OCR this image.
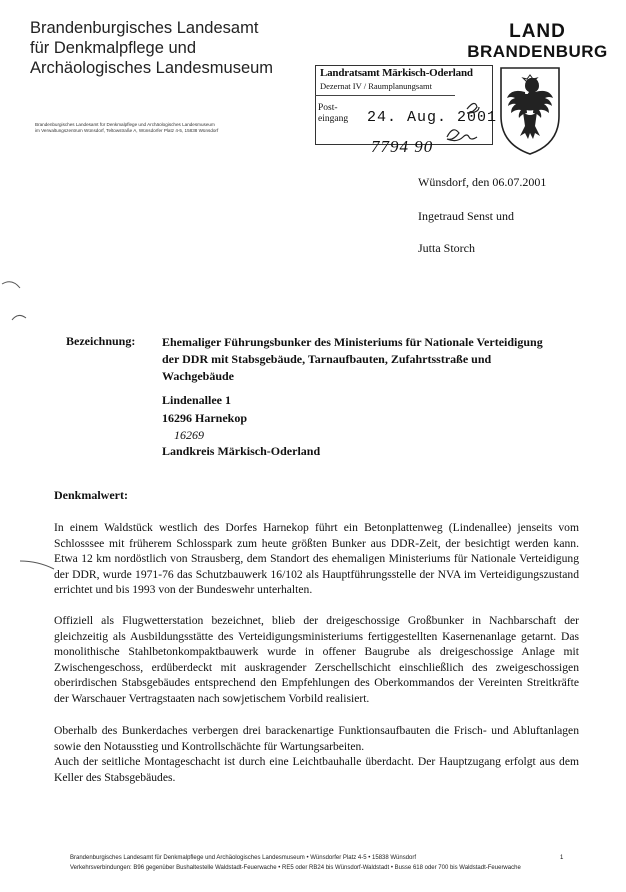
Brandenburgisches Landesamt
für Denkmalpflege und
Archäologisches Landesmuseum
Brandenburgisches Landesamt für Denkmalpflege und Archäologisches Landesmuseum
im Verwaltungszentrum Wünsdorf, Teltowstraße A, Wünsdorfer Platz 4-5, 15838 Wünsdorf
LAND
BRANDENBURG
Landratsamt Märkisch-Oderland
Dezernat IV / Raumplanungsamt
Post-
eingang 24. Aug. 2001
7794 90
Wünsdorf, den 06.07.2001
Ingetraud Senst und
Jutta Storch
Bezeichnung: Ehemaliger Führungsbunker des Ministeriums für Nationale Verteidigung der DDR mit Stabsgebäude, Tarnaufbauten, Zufahrtsstraße und Wachgebäude
Lindenallee 1
16296 Harnekop
16269
Landkreis Märkisch-Oderland
Denkmalwert:
In einem Waldstück westlich des Dorfes Harnekop führt ein Betonplattenweg (Lindenallee) jenseits vom Schlosssee mit früherem Schlosspark zum heute größten Bunker aus DDR-Zeit, der besichtigt werden kann. Etwa 12 km nordöstlich von Strausberg, dem Standort des ehemaligen Ministeriums für Nationale Verteidigung der DDR, wurde 1971-76 das Schutzbauwerk 16/102 als Hauptführungsstelle der NVA im Verteidigungszustand errichtet und bis 1993 von der Bundeswehr unterhalten.
Offiziell als Flugwetterstation bezeichnet, blieb der dreigeschossige Großbunker in Nachbarschaft der gleichzeitig als Ausbildungsstätte des Verteidigungsministeriums fertiggestellten Kasernenanlage getarnt. Das monolithische Stahlbetonkompaktbauwerk wurde in offener Baugrube als dreigeschossige Anlage mit Zwischengeschoss, erdüberdeckt mit auskragender Zerschellschicht einschließlich des zweigeschossigen oberirdischen Stabsgebäudes entsprechend den Empfehlungen des Oberkommandos der Vereinten Streitkräfte der Warschauer Vertragstaaten nach sowjetischem Vorbild realisiert.
Oberhalb des Bunkerdaches verbergen drei barackenartige Funktionsaufbauten die Frisch- und Abluftanlagen sowie den Notausstieg und Kontrollschächte für Wartungsarbeiten.
Auch der seitliche Montageschacht ist durch eine Leichtbauhalle überdacht. Der Hauptzugang erfolgt aus dem Keller des Stabsgebäudes.
Brandenburgisches Landesamt für Denkmalpflege und Archäologisches Landesmuseum • Wünsdorfer Platz 4-5 • 15838 Wünsdorf
Verkehrsverbindungen: B96 gegenüber Bushaltestelle Waldstadt-Feuerwache • RE5 oder RB24 bis Wünsdorf-Waldstadt • Busse 618 oder 700 bis Waldstadt-Feuerwache
1
